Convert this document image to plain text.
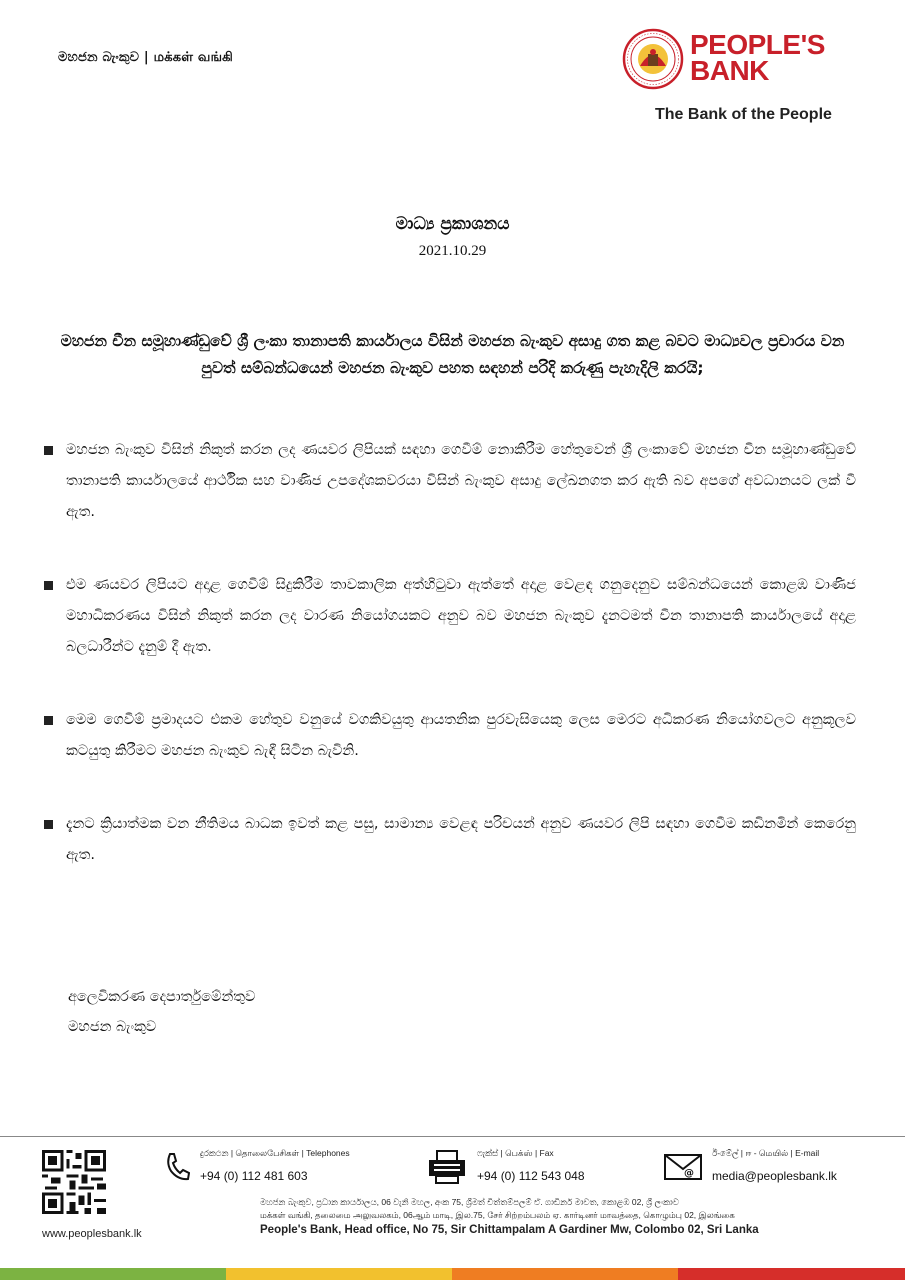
මහජන බැංකුව | மக்கள் வங்கி	PEOPLE'S
BANK
The Bank of the People
මාධ්‍ය ප්‍රකාශනය
2021.10.29
මහජන චීන සමූහාණ්ඩුවේ ශ්‍රී ලංකා තානාපති කාර්යාලය විසින් මහජන බැංකුව අසාදු ගත කළ බවට මාධ්‍යවල ප්‍රචාරය වන පුවත් සම්බන්ධයෙන් මහජන බැංකුව පහත සඳහන් පරිදි කරුණු පැහැදිලි කරයි;
මහජන බැංකුව විසින් නිකුත් කරන ලද ණයවර ලිපියක් සඳහා ගෙවීම් නොකිරීම හේතුවෙන් ශ්‍රී ලංකාවේ මහජන චීන සමූහාණ්ඩුවේ තානාපති කාර්යාලයේ ආර්ථික සහ වාණිජ උපදේශකවරයා විසින් බැංකුව අසාදු ලේඛනගත කර ඇති බව අපගේ අවධානයට ලක් වී ඇත.
එම ණයවර ලිපියට අදාළ ගෙවීම් සිදුකිරීම තාවකාලික අත්හිටුවා ඇත්තේ අදාළ වෙළඳ ගනුදෙනුව සම්බන්ධයෙන් කොළඹ වාණිජ මහාධිකරණය විසින් නිකුත් කරන ලද වාරණ නියෝගයකට අනුව බව මහජන බැංකුව දැනටමත් චීන තානාපති කාර්යාලයේ අදාළ බලධාරීන්ට දැනුම් දී ඇත.
මෙම ගෙවීම් ප්‍රමාදයට එකම හේතුව වනුයේ වගකිවයුතු ආයතනික පුරවැසියෙකු ලෙස මෙරට අධිකරණ නියෝගවලට අනුකූලව කටයුතු කිරීමට මහජන බැංකුව බැඳී සිටින බැවිනි.
දැනට ක්‍රියාත්මක වන නීතිමය බාධක ඉවත් කළ පසු, සාමාන්‍ය වෙළඳ පරිචයන් අනුව ණයවර ලිපි සඳහා ගෙවීම කඩිනමින් කෙරෙනු ඇත.
අලෙවිකරණ දෙපාර්තුමේන්තුව
මහජන බැංකුව
www.peoplesbank.lk
දුරකථන | தொலைபேசிகள் | Telephones
+94 (0) 112 481 603
ෆැක්ස් | பெக்ஸ் | Fax
+94 (0) 112 543 048	@
ඊ-මේල් | ஈ - மெயில் | E-mail
media@peoplesbank.lk
මහජන බැංකුව, ප්‍රධාන කාර්යාලය, 06 වැනි මහල, අංක 75, ශ්‍රීමත් චිත්තම්පලම් ඒ. ගාඩිනර් මාවත, කොළඹ 02, ශ්‍රී ලංකාව
மக்கள் வங்கி, தலைமை அலுவலகம், 06ஆம் மாடி, இல.75, சேர் சிற்றம்பலம் ஏ. கார்டினர் மாவத்தை, கொழும்பு 02, இலங்கை
People's Bank, Head office, No 75, Sir Chittampalam A Gardiner Mw, Colombo 02, Sri Lanka
